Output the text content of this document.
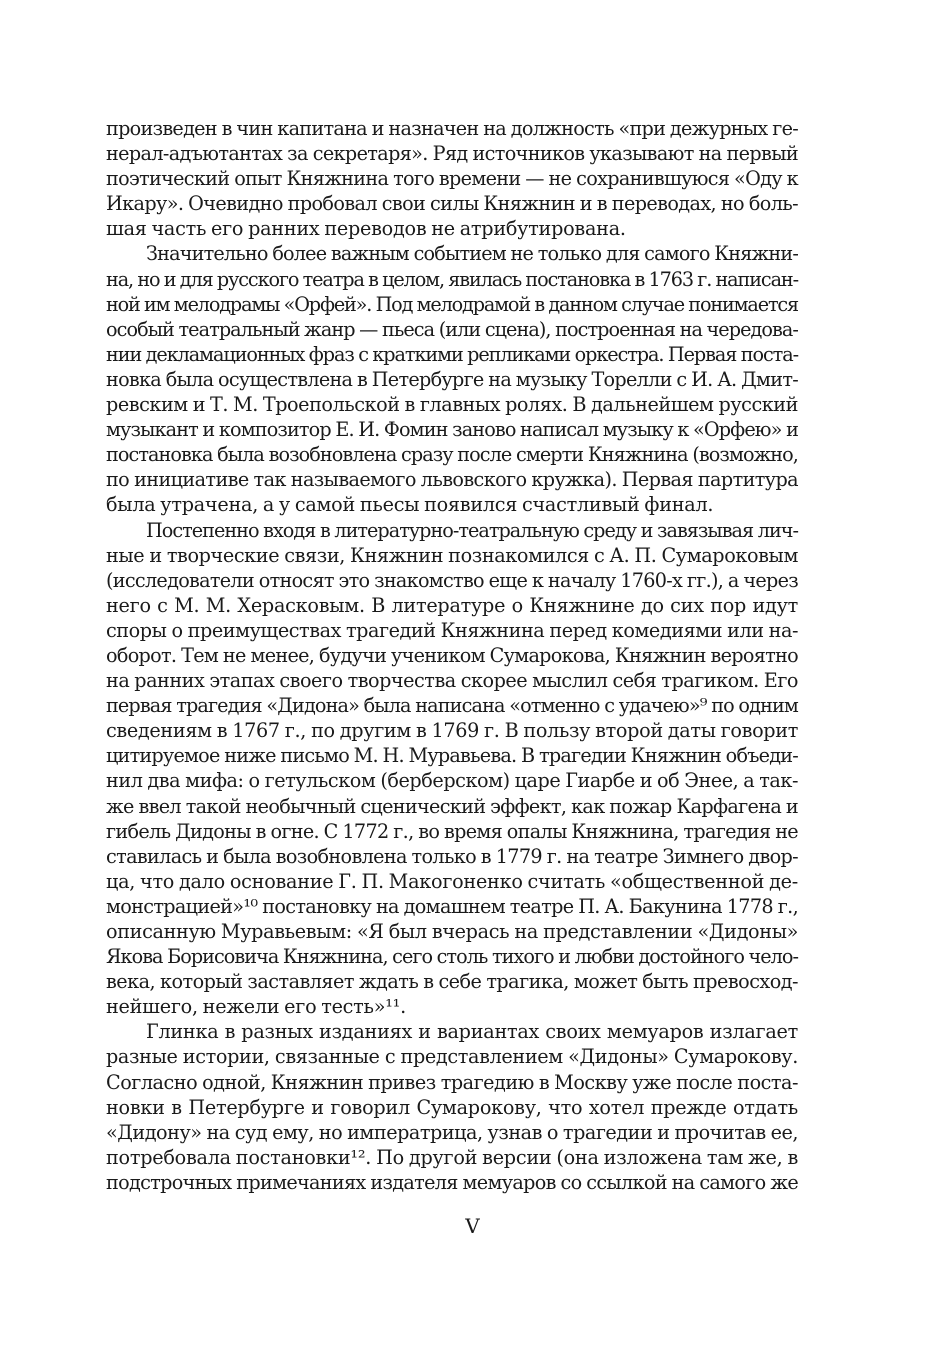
произведен в чин капитана и назначен на должность «при дежурных ге-
нерал-адъютантах за секретаря». Ряд источников указывают на первый
поэтический опыт Княжнина того времени — не сохранившуюся «Оду к
Икару». Очевидно пробовал свои силы Княжнин и в переводах, но боль-
шая часть его ранних переводов не атрибутирована.

Значительно более важным событием не только для самого Княжни-
на, но и для русского театра в целом, явилась постановка в 1763 г. написан-
ной им мелодрамы «Орфей». Под мелодрамой в данном случае понимается
особый театральный жанр — пьеса (или сцена), построенная на чередова-
нии декламационных фраз с краткими репликами оркестра. Первая поста-
новка была осуществлена в Петербурге на музыку Торелли с И. А. Дмит-
ревским и Т. М. Троепольской в главных ролях. В дальнейшем русский
музыкант и композитор Е. И. Фомин заново написал музыку к «Орфею» и
постановка была возобновлена сразу после смерти Княжнина (возможно,
по инициативе так называемого львовского кружка). Первая партитура
была утрачена, а у самой пьесы появился счастливый финал.

Постепенно входя в литературно-театральную среду и завязывая лич-
ные и творческие связи, Княжнин познакомился с А. П. Сумароковым
(исследователи относят это знакомство еще к началу 1760-х гг.), а через
него с М. М. Херасковым. В литературе о Княжнине до сих пор идут
споры о преимуществах трагедий Княжнина перед комедиями или на-
оборот. Тем не менее, будучи учеником Сумарокова, Княжнин вероятно
на ранних этапах своего творчества скорее мыслил себя трагиком. Его
первая трагедия «Дидона» была написана «отменно с удачею»⁹ по одним
сведениям в 1767 г., по другим в 1769 г. В пользу второй даты говорит
цитируемое ниже письмо М. Н. Муравьева. В трагедии Княжнин объеди-
нил два мифа: о гетульском (берберском) царе Гиарбе и об Энее, а так-
же ввел такой необычный сценический эффект, как пожар Карфагена и
гибель Дидоны в огне. С 1772 г., во время опалы Княжнина, трагедия не
ставилась и была возобновлена только в 1779 г. на театре Зимнего двор-
ца, что дало основание Г. П. Макогоненко считать «общественной де-
монстрацией»¹⁰ постановку на домашнем театре П. А. Бакунина 1778 г.,
описанную Муравьевым: «Я был вчерась на представлении «Дидоны»
Якова Борисовича Княжнина, сего столь тихого и любви достойного чело-
века, который заставляет ждать в себе трагика, может быть превосход-
нейшего, нежели его тесть»¹¹.

Глинка в разных изданиях и вариантах своих мемуаров излагает
разные истории, связанные с представлением «Дидоны» Сумарокову.
Согласно одной, Княжнин привез трагедию в Москву уже после поста-
новки в Петербурге и говорил Сумарокову, что хотел прежде отдать
«Дидону» на суд ему, но императрица, узнав о трагедии и прочитав ее,
потребовала постановки¹². По другой версии (она изложена там же, в
подстрочных примечаниях издателя мемуаров со ссылкой на самого же

V
